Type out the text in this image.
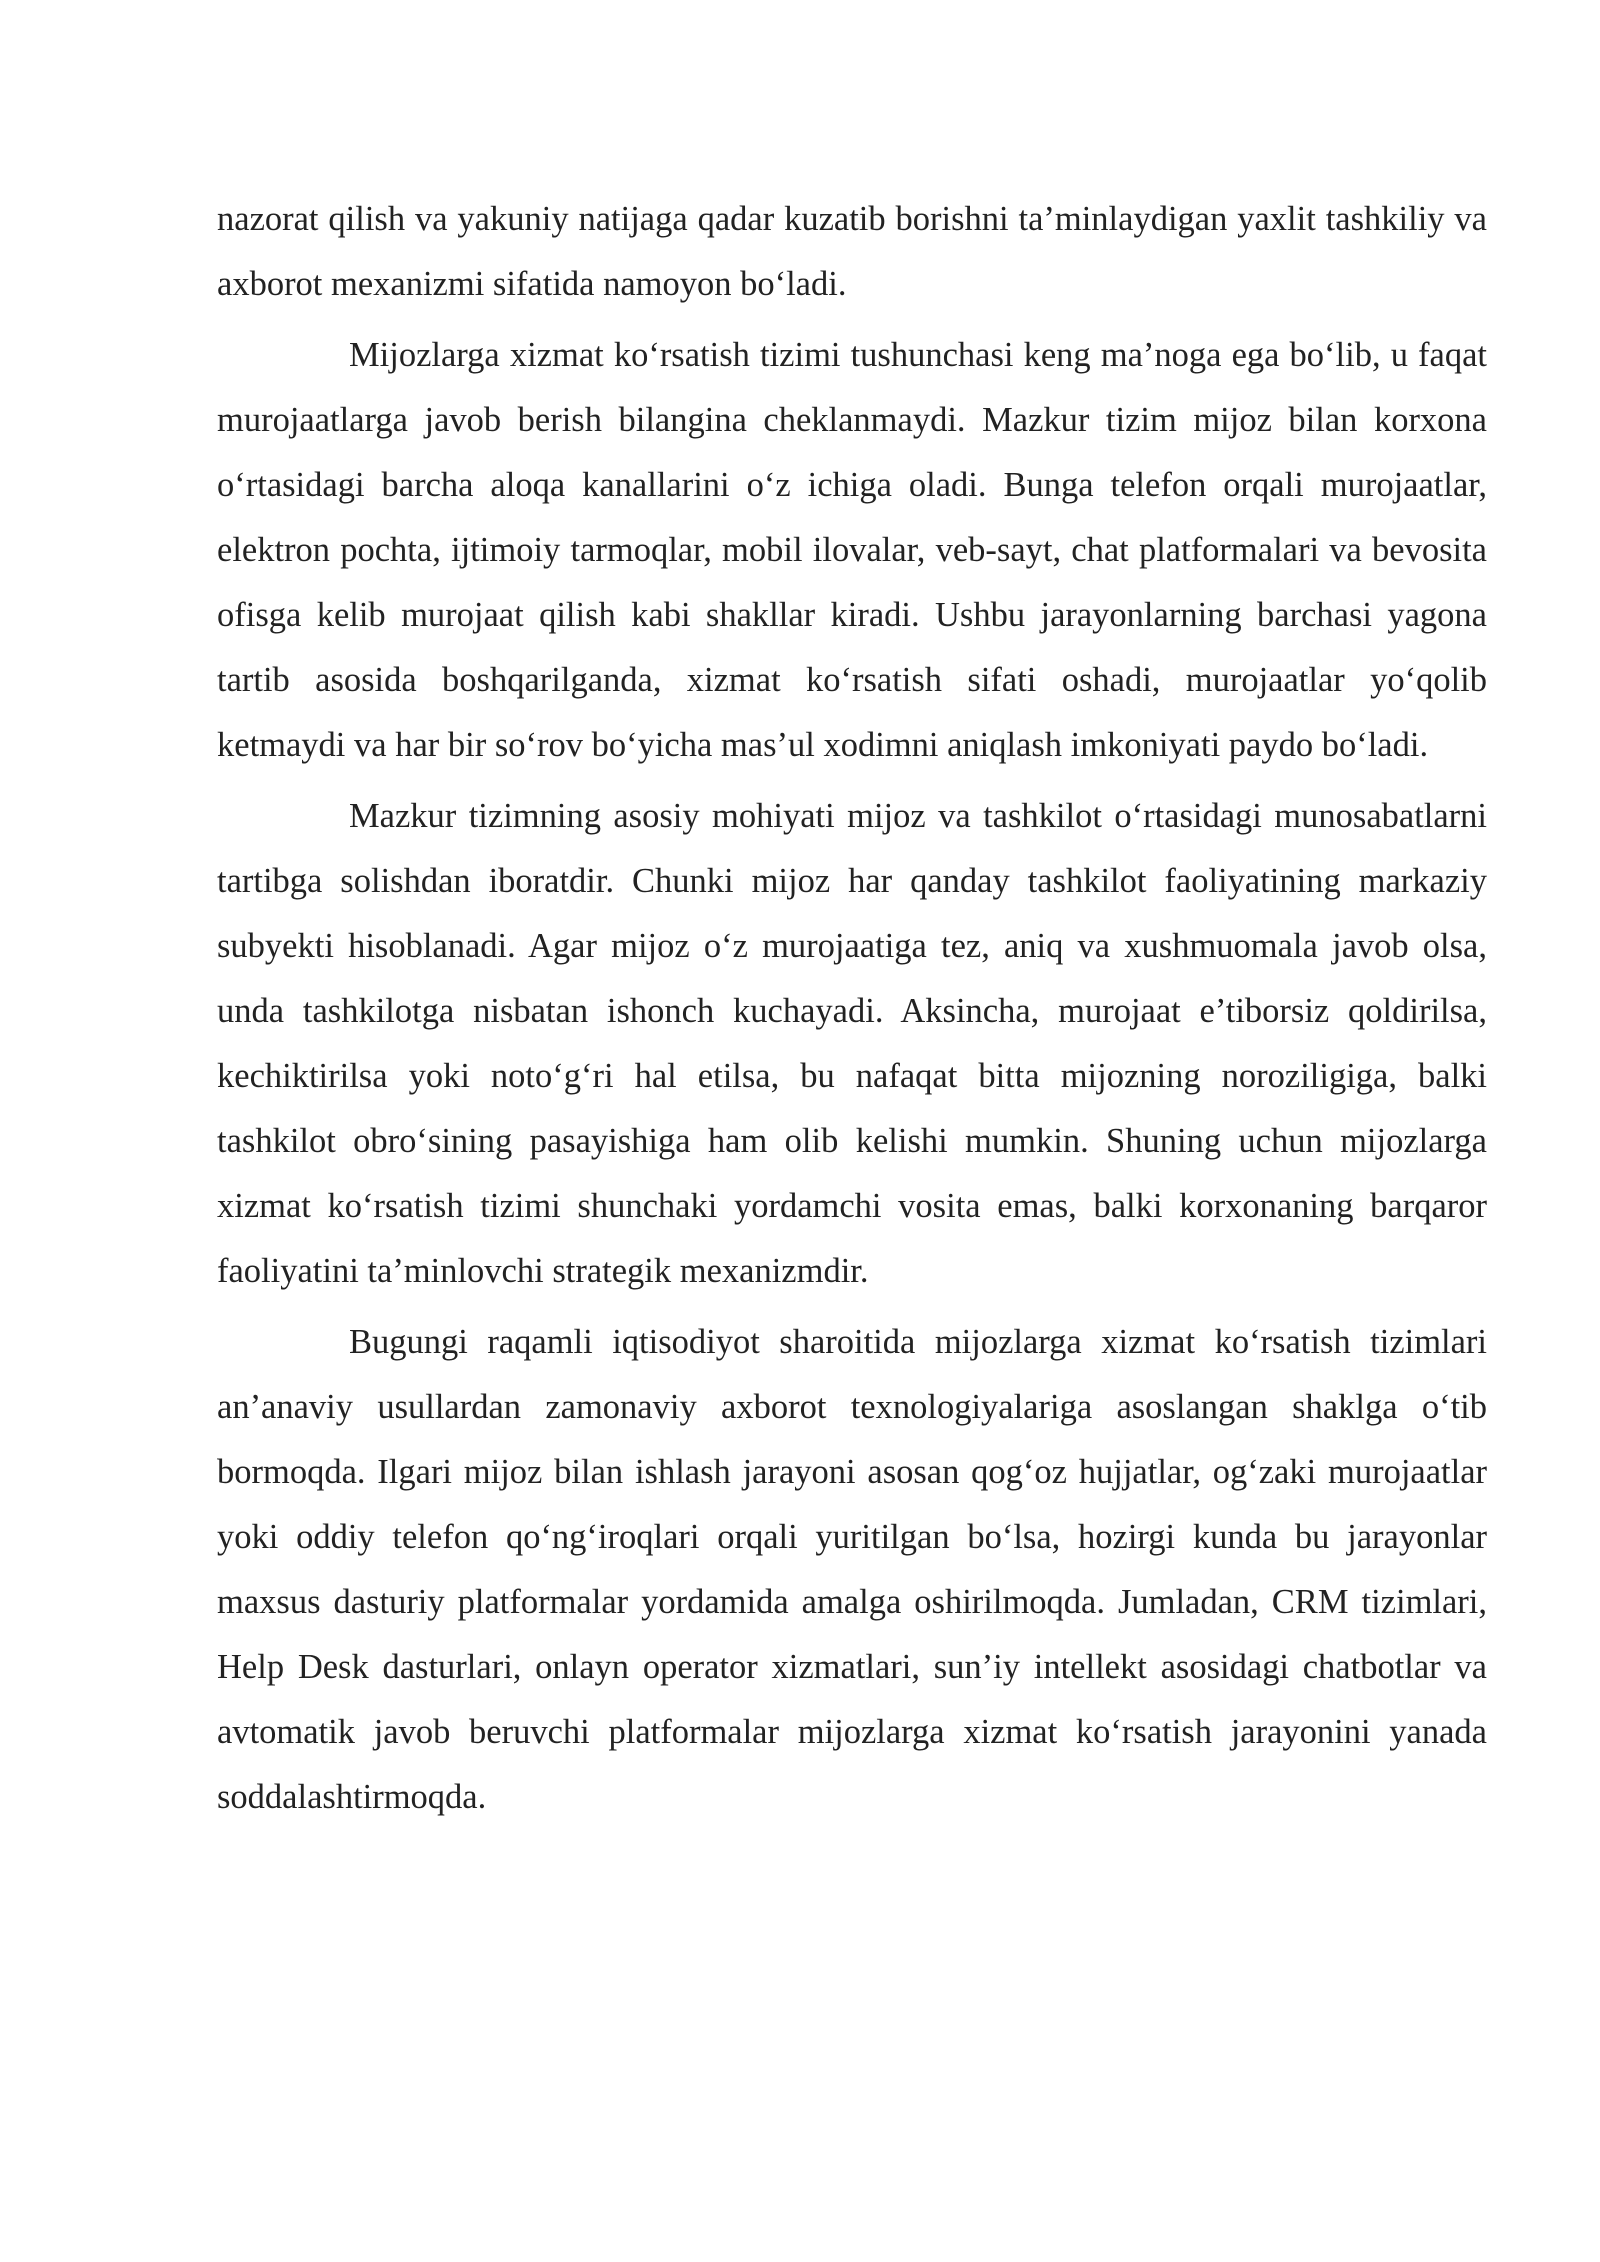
nazorat qilish va yakuniy natijaga qadar kuzatib borishni ta’minlaydigan yaxlit tashkiliy va axborot mexanizmi sifatida namoyon bo‘ladi.

Mijozlarga xizmat ko‘rsatish tizimi tushunchasi keng ma’noga ega bo‘lib, u faqat murojaatlarga javob berish bilangina cheklanmaydi. Mazkur tizim mijoz bilan korxona o‘rtasidagi barcha aloqa kanallarini o‘z ichiga oladi. Bunga telefon orqali murojaatlar, elektron pochta, ijtimoiy tarmoqlar, mobil ilovalar, veb-sayt, chat platformalari va bevosita ofisga kelib murojaat qilish kabi shakllar kiradi. Ushbu jarayonlarning barchasi yagona tartib asosida boshqarilganda, xizmat ko‘rsatish sifati oshadi, murojaatlar yo‘qolib ketmaydi va har bir so‘rov bo‘yicha mas’ul xodimni aniqlash imkoniyati paydo bo‘ladi.

Mazkur tizimning asosiy mohiyati mijoz va tashkilot o‘rtasidagi munosabatlarni tartibga solishdan iboratdir. Chunki mijoz har qanday tashkilot faoliyatining markaziy subyekti hisoblanadi. Agar mijoz o‘z murojaatiga tez, aniq va xushmuomala javob olsa, unda tashkilotga nisbatan ishonch kuchayadi. Aksincha, murojaat e’tiborsiz qoldirilsa, kechiktirilsa yoki noto‘g‘ri hal etilsa, bu nafaqat bitta mijozning noroziligiga, balki tashkilot obro‘sining pasayishiga ham olib kelishi mumkin. Shuning uchun mijozlarga xizmat ko‘rsatish tizimi shunchaki yordamchi vosita emas, balki korxonaning barqaror faoliyatini ta’minlovchi strategik mexanizmdir.

Bugungi raqamli iqtisodiyot sharoitida mijozlarga xizmat ko‘rsatish tizimlari an’anaviy usullardan zamonaviy axborot texnologiyalariga asoslangan shaklga o‘tib bormoqda. Ilgari mijoz bilan ishlash jarayoni asosan qog‘oz hujjatlar, og‘zaki murojaatlar yoki oddiy telefon qo‘ng‘iroqlari orqali yuritilgan bo‘lsa, hozirgi kunda bu jarayonlar maxsus dasturiy platformalar yordamida amalga oshirilmoqda. Jumladan, CRM tizimlari, Help Desk dasturlari, onlayn operator xizmatlari, sun’iy intellekt asosidagi chatbotlar va avtomatik javob beruvchi platformalar mijozlarga xizmat ko‘rsatish jarayonini yanada soddalashtirmoqda.
